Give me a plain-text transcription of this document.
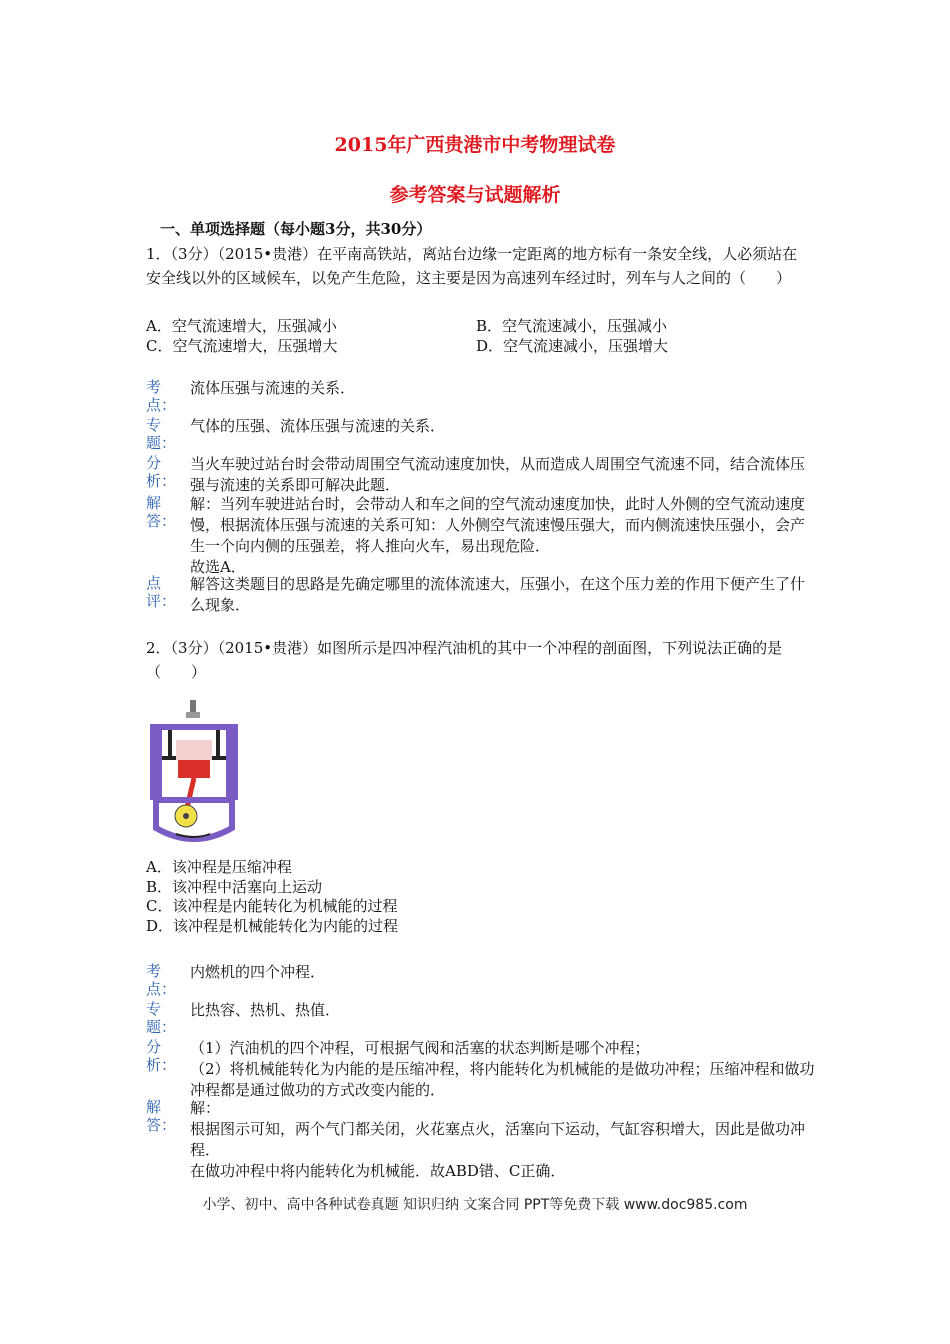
2015年广西贵港市中考物理试卷
参考答案与试题解析
一、单项选择题（每小题3分，共30分）
1．（3分）（2015•贵港）在平南高铁站，离站台边缘一定距离的地方标有一条安全线，人必须站在安全线以外的区域候车，以免产生危险，这主要是因为高速列车经过时，列车与人之间的（　　）
A．空气流速增大，压强减小	B．空气流速减小，压强减小
C．空气流速增大，压强增大	D．空气流速减小，压强增大
考
点：
流体压强与流速的关系．
专
题：
气体的压强、流体压强与流速的关系．
分
析：
当火车驶过站台时会带动周围空气流动速度加快，从而造成人周围空气流速不同，结合流体压强与流速的关系即可解决此题．
解
答：
解：当列车驶进站台时，会带动人和车之间的空气流动速度加快，此时人外侧的空气流动速度慢，根据流体压强与流速的关系可知：人外侧空气流速慢压强大，而内侧流速快压强小，会产生一个向内侧的压强差，将人推向火车，易出现危险．
故选A．
点
评：
解答这类题目的思路是先确定哪里的流体流速大，压强小，在这个压力差的作用下便产生了什么现象．
2．（3分）（2015•贵港）如图所示是四冲程汽油机的其中一个冲程的剖面图，下列说法正确的是（　　）
A．该冲程是压缩冲程
B．该冲程中活塞向上运动
C．该冲程是内能转化为机械能的过程
D．该冲程是机械能转化为内能的过程
考
点：
内燃机的四个冲程．
专
题：
比热容、热机、热值．
分
析：
（1）汽油机的四个冲程，可根据气阀和活塞的状态判断是哪个冲程；
（2）将机械能转化为内能的是压缩冲程，将内能转化为机械能的是做功冲程；压缩冲程和做功冲程都是通过做功的方式改变内能的．
解
答：
解：
根据图示可知，两个气门都关闭，火花塞点火，活塞向下运动，气缸容积增大，因此是做功冲程．
在做功冲程中将内能转化为机械能．故ABD错、C正确．
小学、初中、高中各种试卷真题 知识归纳 文案合同 PPT等免费下载 www.doc985.com
